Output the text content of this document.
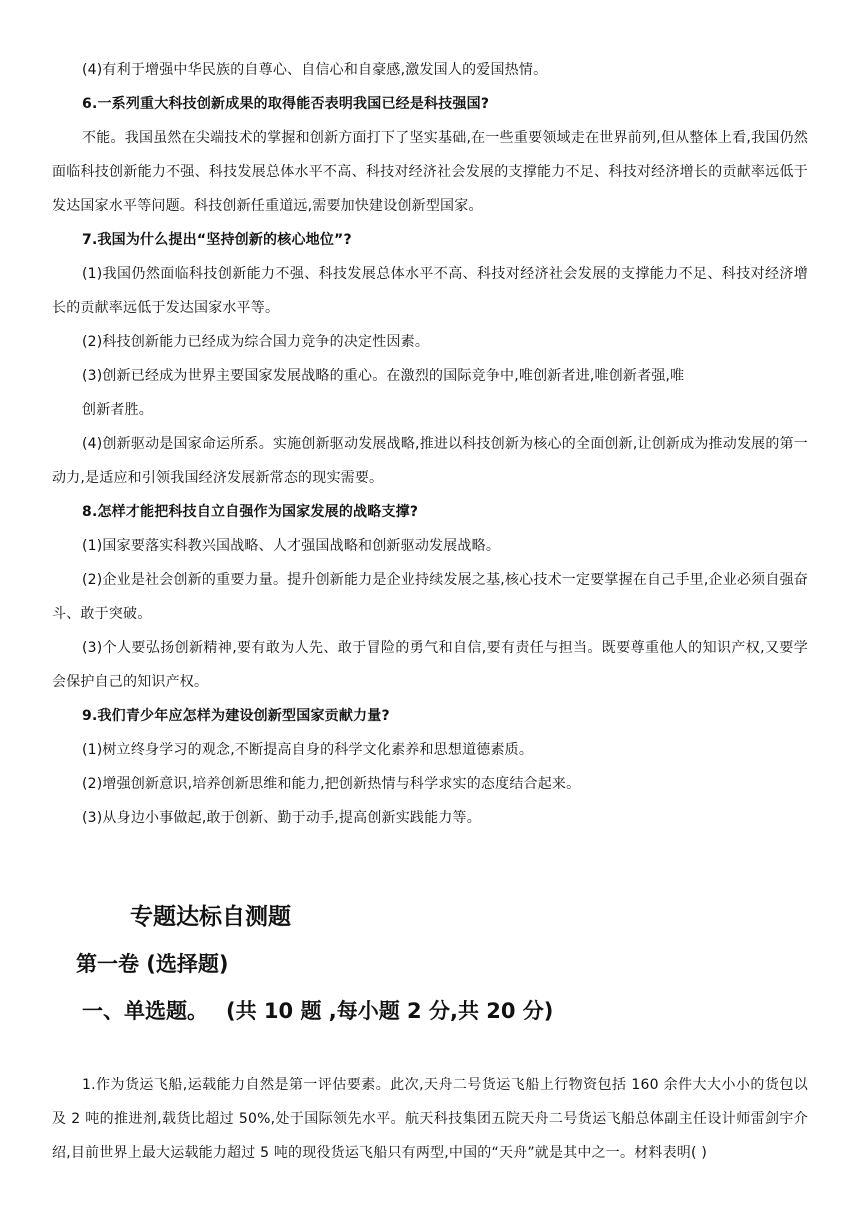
(4)有利于增强中华民族的自尊心、自信心和自豪感,激发国人的爱国热情。

6.一系列重大科技创新成果的取得能否表明我国已经是科技强国?

不能。我国虽然在尖端技术的掌握和创新方面打下了坚实基础,在一些重要领域走在世界前列,但从整体上看,我国仍然面临科技创新能力不强、科技发展总体水平不高、科技对经济社会发展的支撑能力不足、科技对经济增长的贡献率远低于发达国家水平等问题。科技创新任重道远,需要加快建设创新型国家。

7.我国为什么提出“坚持创新的核心地位”?

(1)我国仍然面临科技创新能力不强、科技发展总体水平不高、科技对经济社会发展的支撑能力不足、科技对经济增长的贡献率远低于发达国家水平等。

(2)科技创新能力已经成为综合国力竞争的决定性因素。

(3)创新已经成为世界主要国家发展战略的重心。在激烈的国际竞争中,唯创新者进,唯创新者强,唯

创新者胜。

(4)创新驱动是国家命运所系。实施创新驱动发展战略,推进以科技创新为核心的全面创新,让创新成为推动发展的第一动力,是适应和引领我国经济发展新常态的现实需要。

8.怎样才能把科技自立自强作为国家发展的战略支撑?

(1)国家要落实科教兴国战略、人才强国战略和创新驱动发展战略。

(2)企业是社会创新的重要力量。提升创新能力是企业持续发展之基,核心技术一定要掌握在自己手里,企业必须自强奋斗、敢于突破。

(3)个人要弘扬创新精神,要有敢为人先、敢于冒险的勇气和自信,要有责任与担当。既要尊重他人的知识产权,又要学会保护自己的知识产权。

9.我们青少年应怎样为建设创新型国家贡献力量?

(1)树立终身学习的观念,不断提高自身的科学文化素养和思想道德素质。

(2)增强创新意识,培养创新思维和能力,把创新热情与科学求实的态度结合起来。

(3)从身边小事做起,敢于创新、勤于动手,提高创新实践能力等。

专题达标自测题
第一卷 (选择题)
一、单选题。 (共 10 题 ,每小题 2 分,共 20 分)

1.作为货运飞船,运载能力自然是第一评估要素。此次,天舟二号货运飞船上行物资包括 160 余件大大小小的货包以及 2 吨的推进剂,载货比超过 50%,处于国际领先水平。航天科技集团五院天舟二号货运飞船总体副主任设计师雷剑宇介绍,目前世界上最大运载能力超过 5 吨的现役货运飞船只有两型,中国的“天舟”就是其中之一。材料表明( )
